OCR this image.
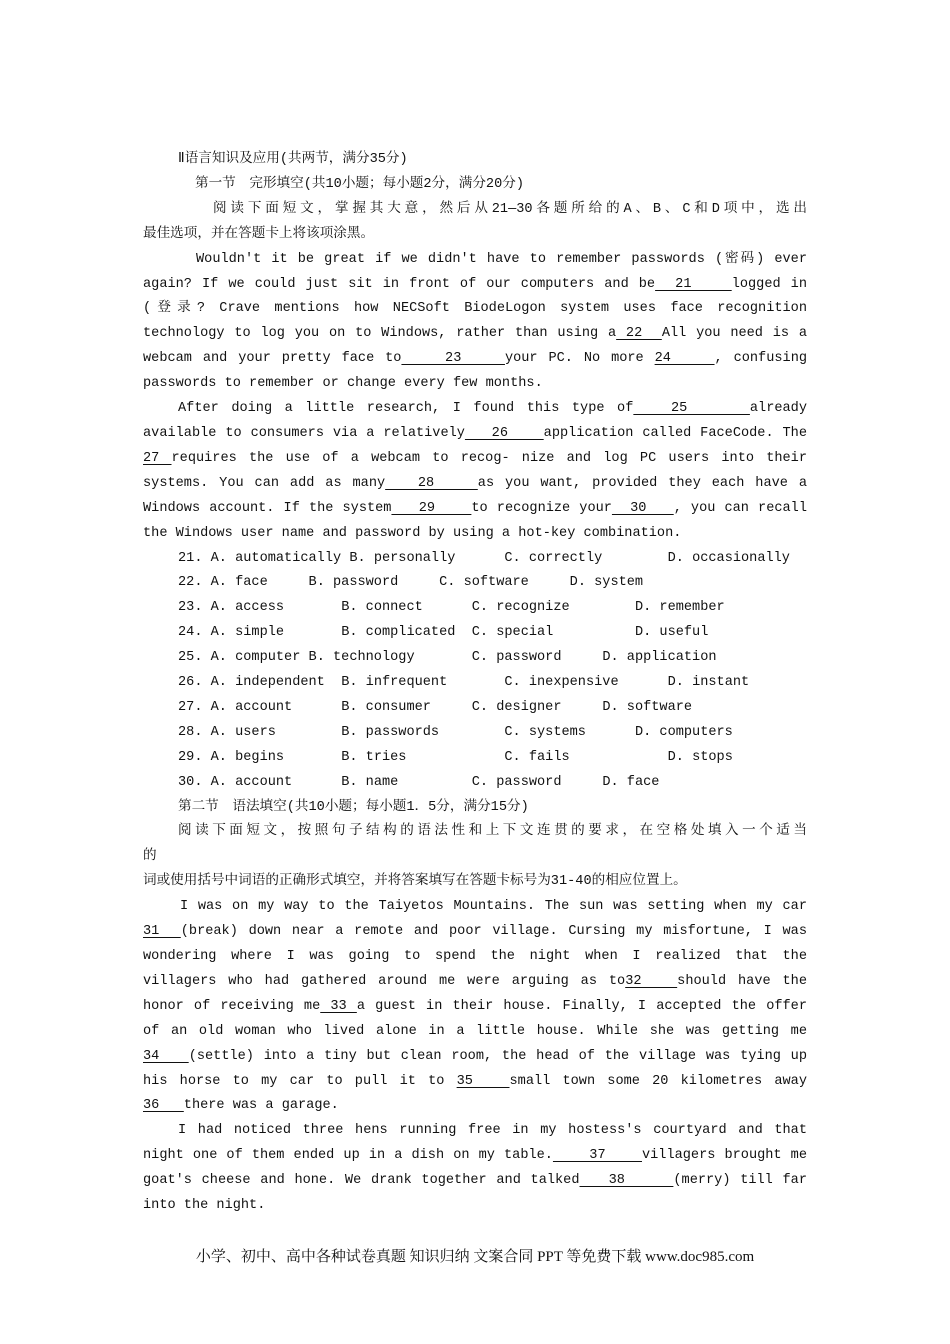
Ⅱ语言知识及应用(共两节，满分35分)
第一节　完形填空(共10小题；每小题2分，满分20分)
阅读下面短文，掌握其大意，然后从21—30各题所给的A、B、C和D项中，选出
最佳选项，并在答题卡上将该项涂黑。
Wouldn't it be great if we didn't have to remember passwords (密码) ever
again? If we could just sit in front of our computers and be  21    logged in
(登录? Crave mentions how NECSoft BiodeLogon system uses face recognition
technology to log you on to Windows, rather than using a 22  All you need is a
webcam and your pretty face to    23    your PC. No more 24    , confusing
passwords to remember or change every few months.
After doing a little research, I found this type of   25     already
available to consumers via a relatively   26    application called FaceCode. The
27 requires the use of a webcam to recog- nize and log PC users into their
systems. You can add as many   28    as you want, provided they each have a
Windows account. If the system   29    to recognize your  30   , you can recall
the Windows user name and password by using a hot-key combination.
21. A. automatically B. personally	C. correctly	D. occasionally
22. A. face	B. password	C. software	D. system
23. A. access	B. connect	C. recognize	D. remember
24. A. simple	B. complicated C. special	D. useful
25. A. computer B. technology	C. password	D. application
26. A. independent B. infrequent	C. inexpensive	D. instant
27. A. account	B. consumer	C. designer	D. software
28. A. users	B. passwords	C. systems	D. computers
29. A. begins	B. tries	C. fails	D. stops
30. A. account	B. name	C. password	D. face
第二节　语法填空(共10小题；每小题1．5分，满分15分)
阅读下面短文，按照句子结构的语法性和上下文连贯的要求，在空格处填入一个适当
的
词或使用括号中词语的正确形式填空，并将答案填写在答题卡标号为31-40的相应位置上。
I was on my way to the Taiyetos Mountains. The sun was setting when my car
31  (break) down near a remote and poor village. Cursing my misfortune, I was
wondering where I was going to spend the night when I realized that the
villagers who had gathered around me were arguing as to32   should have the
honor of receiving me 33 a guest in their house. Finally, I accepted the offer
of an old woman who lived alone in a little house. While she was getting me
34   (settle) into a tiny but clean room, the head of the village was tying up
his horse to my car to pull it to 35   small town some 20 kilometres away
36   there was a garage.
I had noticed three hens running free in my hostess's courtyard and that
night one of them ended up in a dish on my table.    37    villagers brought me
goat's cheese and hone. We drank together and talked   38     (merry) till far
into the night.
小学、初中、高中各种试卷真题 知识归纳 文案合同 PPT 等免费下载 www.doc985.com
